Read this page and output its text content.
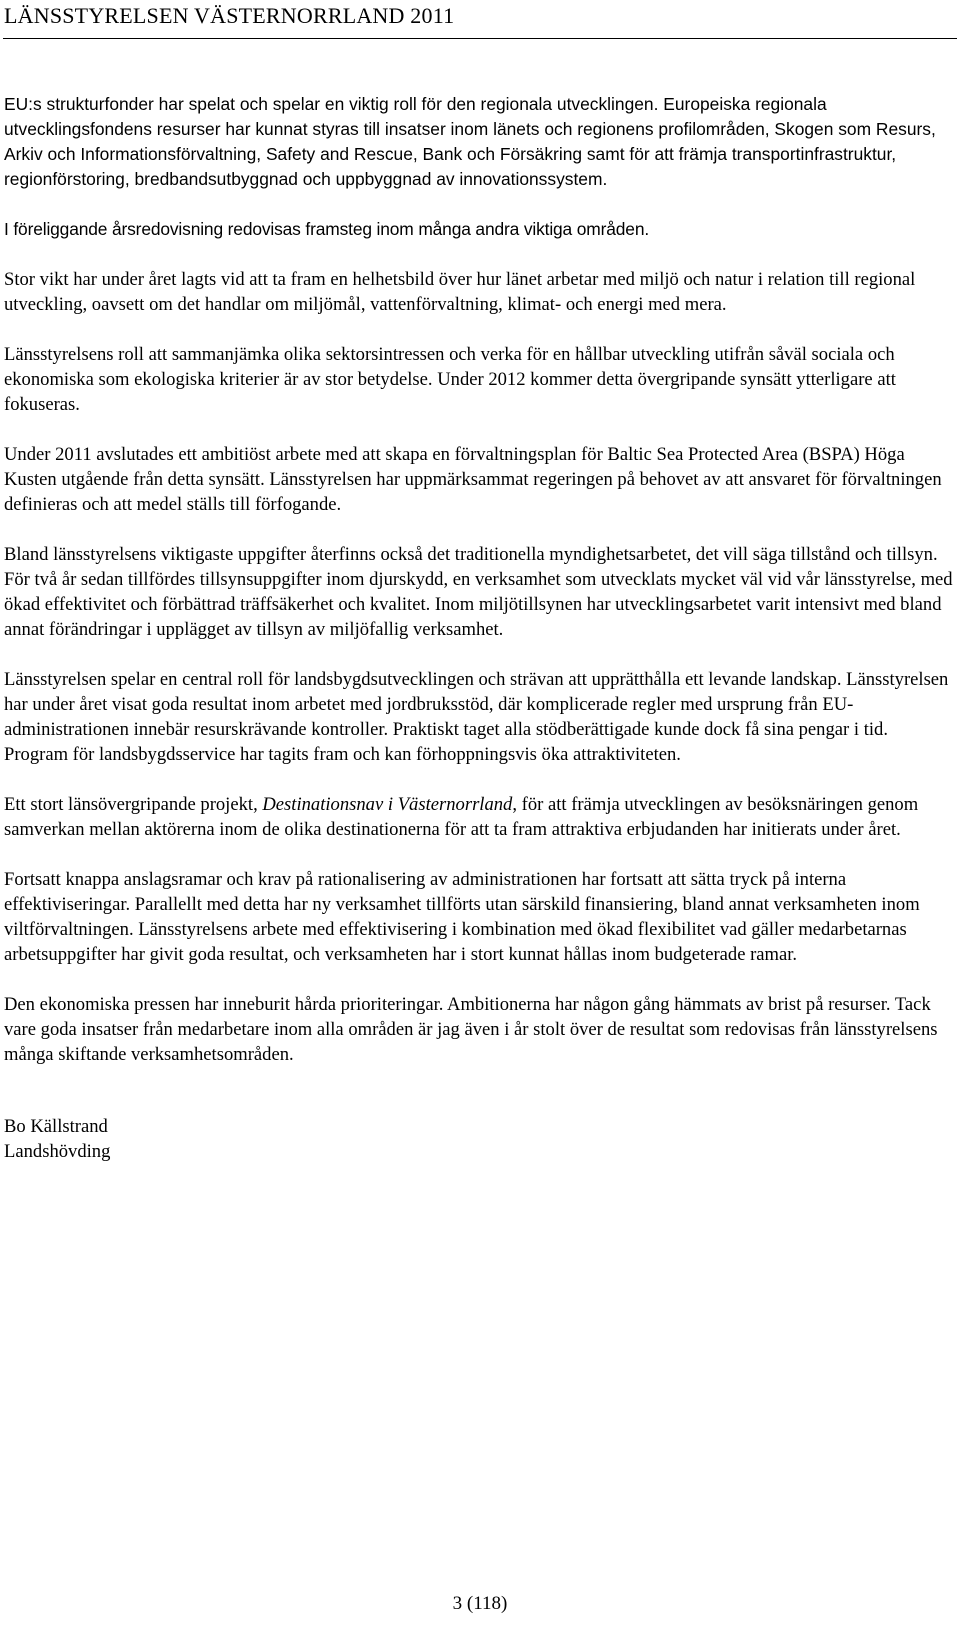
LÄNSSTYRELSEN VÄSTERNORRLAND 2011

EU:s strukturfonder har spelat och spelar en viktig roll för den regionala utvecklingen. Europeiska regionala utvecklingsfondens resurser har kunnat styras till insatser inom länets och regionens profilområden, Skogen som Resurs, Arkiv och Informationsförvaltning, Safety and Rescue, Bank och Försäkring samt för att främja transportinfrastruktur, regionförstoring, bredbandsutbyggnad och uppbyggnad av innovationssystem.

I föreliggande årsredovisning redovisas framsteg inom många andra viktiga områden.

Stor vikt har under året lagts vid att ta fram en helhetsbild över hur länet arbetar med miljö och natur i relation till regional utveckling, oavsett om det handlar om miljömål, vattenförvaltning, klimat- och energi med mera.

Länsstyrelsens roll att sammanjämka olika sektorsintressen och verka för en hållbar utveckling utifrån såväl sociala och ekonomiska som ekologiska kriterier är av stor betydelse. Under 2012 kommer detta övergripande synsätt ytterligare att fokuseras.

Under 2011 avslutades ett ambitiöst arbete med att skapa en förvaltningsplan för Baltic Sea Protected Area (BSPA) Höga Kusten utgående från detta synsätt. Länsstyrelsen har uppmärksammat regeringen på behovet av att ansvaret för förvaltningen definieras och att medel ställs till förfogande.

Bland länsstyrelsens viktigaste uppgifter återfinns också det traditionella myndighetsarbetet, det vill säga tillstånd och tillsyn. För två år sedan tillfördes tillsynsuppgifter inom djurskydd, en verksamhet som utvecklats mycket väl vid vår länsstyrelse, med ökad effektivitet och förbättrad träffsäkerhet och kvalitet. Inom miljötillsynen har utvecklingsarbetet varit intensivt med bland annat förändringar i upplägget av tillsyn av miljöfallig verksamhet.

Länsstyrelsen spelar en central roll för landsbygdsutvecklingen och strävan att upprätthålla ett levande landskap. Länsstyrelsen har under året visat goda resultat inom arbetet med jordbruksstöd, där komplicerade regler med ursprung från EU-administrationen innebär resurskrävande kontroller. Praktiskt taget alla stödberättigade kunde dock få sina pengar i tid. Program för landsbygdsservice har tagits fram och kan förhoppningsvis öka attraktiviteten.

Ett stort länsövergripande projekt, Destinationsnav i Västernorrland, för att främja utvecklingen av besöksnäringen genom samverkan mellan aktörerna inom de olika destinationerna för att ta fram attraktiva erbjudanden har initierats under året.

Fortsatt knappa anslagsramar och krav på rationalisering av administrationen har fortsatt att sätta tryck på interna effektiviseringar. Parallellt med detta har ny verksamhet tillförts utan särskild finansiering, bland annat verksamheten inom viltförvaltningen. Länsstyrelsens arbete med effektivisering i kombination med ökad flexibilitet vad gäller medarbetarnas arbetsuppgifter har givit goda resultat, och verksamheten har i stort kunnat hållas inom budgeterade ramar.

Den ekonomiska pressen har inneburit hårda prioriteringar. Ambitionerna har någon gång hämmats av brist på resurser. Tack vare goda insatser från medarbetare inom alla områden är jag även i år stolt över de resultat som redovisas från länsstyrelsens många skiftande verksamhetsområden.

Bo Källstrand
Landshövding
3 (118)
